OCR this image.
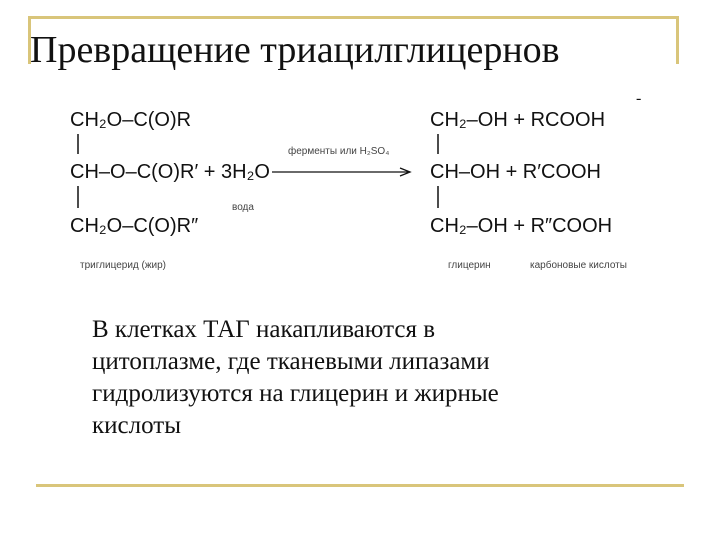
Превращение триацилглицернов
-
CH₂O–C(O)R
CH–O–C(O)R′ + 3H₂O
CH₂O–C(O)R″
вода
триглицерид (жир)
ферменты или H₂SO₄
CH₂–OH + RCOOH
CH–OH + R′COOH
CH₂–OH + R″COOH
глицерин	карбоновые кислоты
В клетках ТАГ накапливаются в
цитоплазме, где тканевыми липазами
гидролизуются на глицерин и жирные
кислоты
